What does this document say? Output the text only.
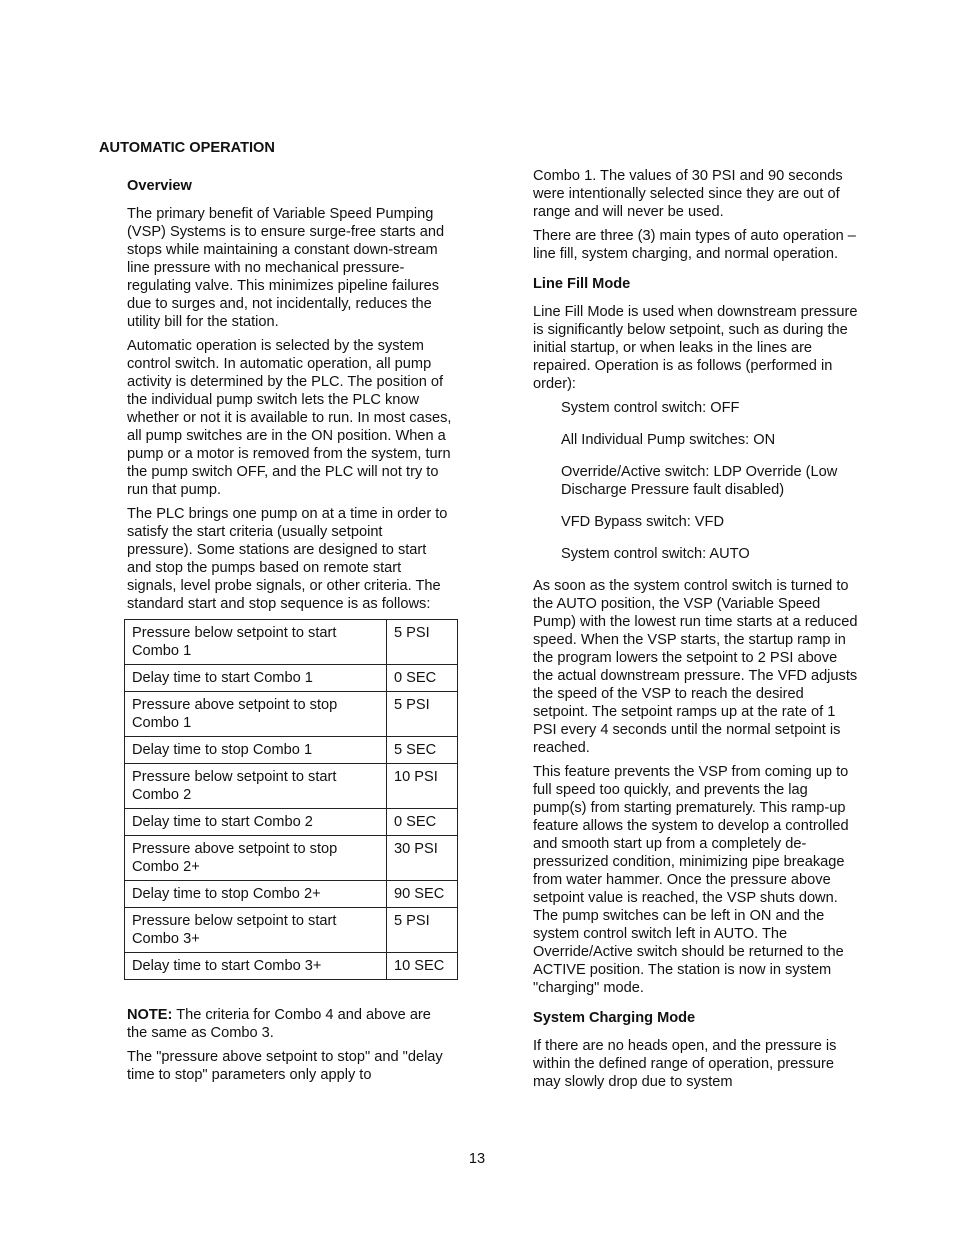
AUTOMATIC OPERATION
Overview

The primary benefit of Variable Speed Pumping (VSP) Systems is to ensure surge-free starts and stops while maintaining a constant down-stream line pressure with no mechanical pressure-regulating valve. This minimizes pipeline failures due to surges and, not incidentally, reduces the utility bill for the station.

Automatic operation is selected by the system control switch. In automatic operation, all pump activity is determined by the PLC. The position of the individual pump switch lets the PLC know whether or not it is available to run. In most cases, all pump switches are in the ON position. When a pump or a motor is removed from the system, turn the pump switch OFF, and the PLC will not try to run that pump.

The PLC brings one pump on at a time in order to satisfy the start criteria (usually setpoint pressure). Some stations are designed to start and stop the pumps based on remote start signals, level probe signals, or other criteria. The standard start and stop sequence is as follows:

Pressure below setpoint to start Combo 1	5 PSI
Delay time to start Combo 1	0 SEC
Pressure above setpoint to stop Combo 1	5 PSI
Delay time to stop Combo 1	5 SEC
Pressure below setpoint to start Combo 2	10 PSI
Delay time to start Combo 2	0 SEC
Pressure above setpoint to stop Combo 2+	30 PSI
Delay time to stop Combo 2+	90 SEC
Pressure below setpoint to start Combo 3+	5 PSI
Delay time to start Combo 3+	10 SEC

NOTE: The criteria for Combo 4 and above are the same as Combo 3.

The "pressure above setpoint to stop" and "delay time to stop" parameters only apply to

Combo 1. The values of 30 PSI and 90 seconds were intentionally selected since they are out of range and will never be used.

There are three (3) main types of auto operation – line fill, system charging, and normal operation.

Line Fill Mode

Line Fill Mode is used when downstream pressure is significantly below setpoint, such as during the initial startup, or when leaks in the lines are repaired. Operation is as follows (performed in order):

System control switch: OFF
All Individual Pump switches: ON
Override/Active switch: LDP Override (Low Discharge Pressure fault disabled)
VFD Bypass switch: VFD
System control switch: AUTO

As soon as the system control switch is turned to the AUTO position, the VSP (Variable Speed Pump) with the lowest run time starts at a reduced speed. When the VSP starts, the startup ramp in the program lowers the setpoint to 2 PSI above the actual downstream pressure. The VFD adjusts the speed of the VSP to reach the desired setpoint. The setpoint ramps up at the rate of 1 PSI every 4 seconds until the normal setpoint is reached.

This feature prevents the VSP from coming up to full speed too quickly, and prevents the lag pump(s) from starting prematurely. This ramp-up feature allows the system to develop a controlled and smooth start up from a completely de-pressurized condition, minimizing pipe breakage from water hammer. Once the pressure above setpoint value is reached, the VSP shuts down. The pump switches can be left in ON and the system control switch left in AUTO. The Override/Active switch should be returned to the ACTIVE position. The station is now in system "charging" mode.

System Charging Mode

If there are no heads open, and the pressure is within the defined range of operation, pressure may slowly drop due to system

13
